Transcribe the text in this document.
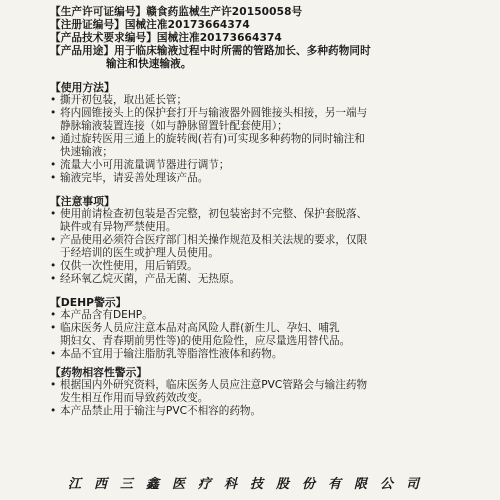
【生产许可证编号】赣食药监械生产许20150058号
【注册证编号】国械注准20173664374
【产品技术要求编号】国械注准20173664374
【产品用途】用于临床输液过程中时所需的管路加长、多种药物同时
输注和快速输液。
【使用方法】
• 撕开初包装，取出延长管；
• 将内圆锥接头上的保护套打开与输液器外圆锥接头相接，另一端与
静脉输液装置连接（如与静脉留置针配套使用）；
• 通过旋转医用三通上的旋转阀(若有)可实现多种药物的同时输注和
快速输液；
• 流量大小可用流量调节器进行调节；
• 输液完毕，请妥善处理该产品。
【注意事项】
• 使用前请检查初包装是否完整，初包装密封不完整、保护套脱落、
缺件或有异物严禁使用。
• 产品使用必须符合医疗部门相关操作规范及相关法规的要求，仅限
于经培训的医生或护理人员使用。
• 仅供一次性使用，用后销毁。
• 经环氧乙烷灭菌，产品无菌、无热原。
【DEHP警示】
• 本产品含有DEHP。
• 临床医务人员应注意本品对高风险人群(新生儿、孕妇、哺乳
期妇女、青春期前男性等)的使用危险性，应尽量选用替代品。
• 本品不宜用于输注脂肪乳等脂溶性液体和药物。
【药物相容性警示】
• 根据国内外研究资料，临床医务人员应注意PVC管路会与输注药物
发生相互作用而导致药效改变。
• 本产品禁止用于输注与PVC不相容的药物。
江西三鑫医疗科技股份有限公司
